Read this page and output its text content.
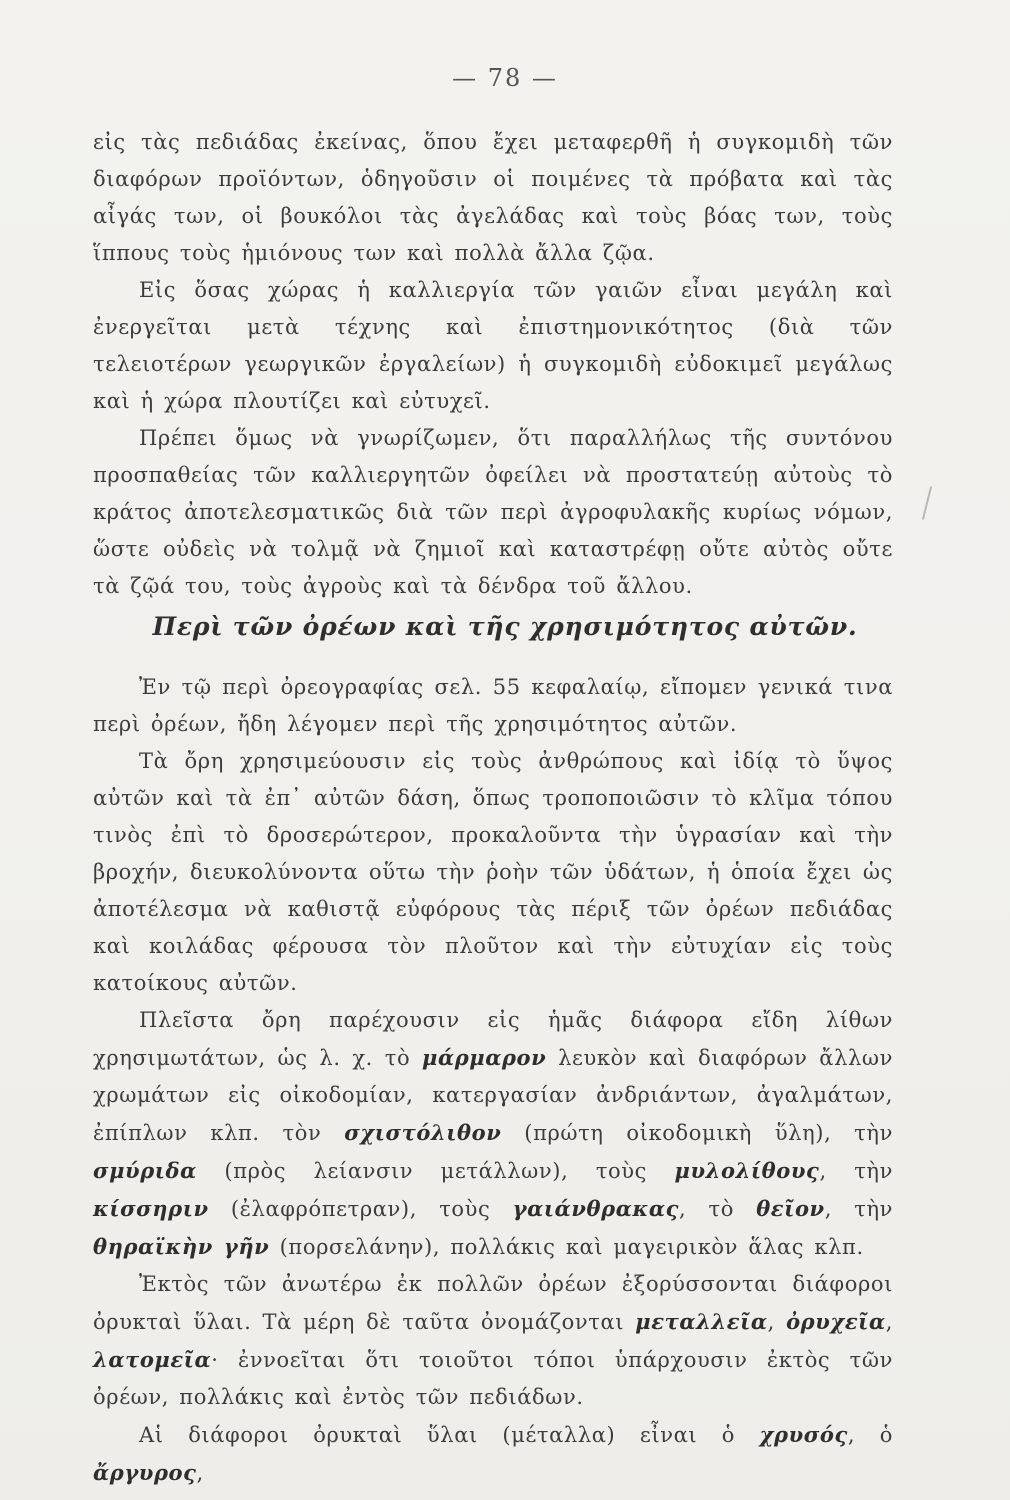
— 78 —

εἰς τὰς πεδιάδας ἐκείνας, ὅπου ἔχει μεταφερθῆ ἡ συγκομιδὴ τῶν διαφόρων προϊόντων, ὁδηγοῦσιν οἱ ποιμένες τὰ πρόβατα καὶ τὰς αἶγάς των, οἱ βουκόλοι τὰς ἀγελάδας καὶ τοὺς βόας των, τοὺς ἵππους τοὺς ἡμιόνους των καὶ πολλὰ ἄλλα ζῷα.

Εἰς ὅσας χώρας ἡ καλλιεργία τῶν γαιῶν εἶναι μεγάλη καὶ ἐνεργεῖται μετὰ τέχνης καὶ ἐπιστημονικότητος (διὰ τῶν τελειοτέρων γεωργικῶν ἐργαλείων) ἡ συγκομιδὴ εὐδοκιμεῖ μεγάλως καὶ ἡ χώρα πλουτίζει καὶ εὐτυχεῖ.

Πρέπει ὅμως νὰ γνωρίζωμεν, ὅτι παραλλήλως τῆς συντόνου προσπαθείας τῶν καλλιεργητῶν ὀφείλει νὰ προστατεύῃ αὐτοὺς τὸ κράτος ἀποτελεσματικῶς διὰ τῶν περὶ ἀγροφυλακῆς κυρίως νόμων, ὥστε οὐδεὶς νὰ τολμᾷ νὰ ζημιοῖ καὶ καταστρέφῃ οὔτε αὐτὸς οὔτε τὰ ζῷά του, τοὺς ἀγροὺς καὶ τὰ δένδρα τοῦ ἄλλου.

Περὶ τῶν ὀρέων καὶ τῆς χρησιμότητος αὐτῶν.

Ἐν τῷ περὶ ὀρεογραφίας σελ. 55 κεφαλαίῳ, εἴπομεν γενικά τινα περὶ ὀρέων, ἤδη λέγομεν περὶ τῆς χρησιμότητος αὐτῶν.

Τὰ ὄρη χρησιμεύουσιν εἰς τοὺς ἀνθρώπους καὶ ἰδίᾳ τὸ ὕψος αὐτῶν καὶ τὰ ἐπ᾿ αὐτῶν δάση, ὅπως τροποποιῶσιν τὸ κλῖμα τόπου τινὸς ἐπὶ τὸ δροσερώτερον, προκαλοῦντα τὴν ὑγρασίαν καὶ τὴν βροχήν, διευκολύνοντα οὕτω τὴν ῥοὴν τῶν ὑδάτων, ἡ ὁποία ἔχει ὡς ἀποτέλεσμα νὰ καθιστᾷ εὐφόρους τὰς πέριξ τῶν ὀρέων πεδιάδας καὶ κοιλάδας φέρουσα τὸν πλοῦτον καὶ τὴν εὐτυχίαν εἰς τοὺς κατοίκους αὐτῶν.

Πλεῖστα ὄρη παρέχουσιν εἰς ἡμᾶς διάφορα εἴδη λίθων χρησιμωτάτων, ὡς λ. χ. τὸ μάρμαρον λευκὸν καὶ διαφόρων ἄλλων χρωμάτων εἰς οἰκοδομίαν, κατεργασίαν ἀνδριάντων, ἀγαλμάτων, ἐπίπλων κλπ. τὸν σχιστόλιθον (πρώτη οἰκοδομικὴ ὕλη), τὴν σμύριδα (πρὸς λείανσιν μετάλλων), τοὺς μυλολίθους, τὴν κίσσηριν (ἐλαφρόπετραν), τοὺς γαιάνθρακας, τὸ θεῖον, τὴν θηραϊκὴν γῆν (πορσελάνην), πολλάκις καὶ μαγειρικὸν ἅλας κλπ.

Ἐκτὸς τῶν ἀνωτέρω ἐκ πολλῶν ὀρέων ἐξορύσσονται διάφοροι ὀρυκταὶ ὕλαι. Τὰ μέρη δὲ ταῦτα ὀνομάζονται μεταλλεῖα, ὀρυχεῖα, λατομεῖα· ἐννοεῖται ὅτι τοιοῦτοι τόποι ὑπάρχουσιν ἐκτὸς τῶν ὀρέων, πολλάκις καὶ ἐντὸς τῶν πεδιάδων.

Αἱ διάφοροι ὀρυκταὶ ὕλαι (μέταλλα) εἶναι ὁ χρυσός, ὁ ἄργυρος,
